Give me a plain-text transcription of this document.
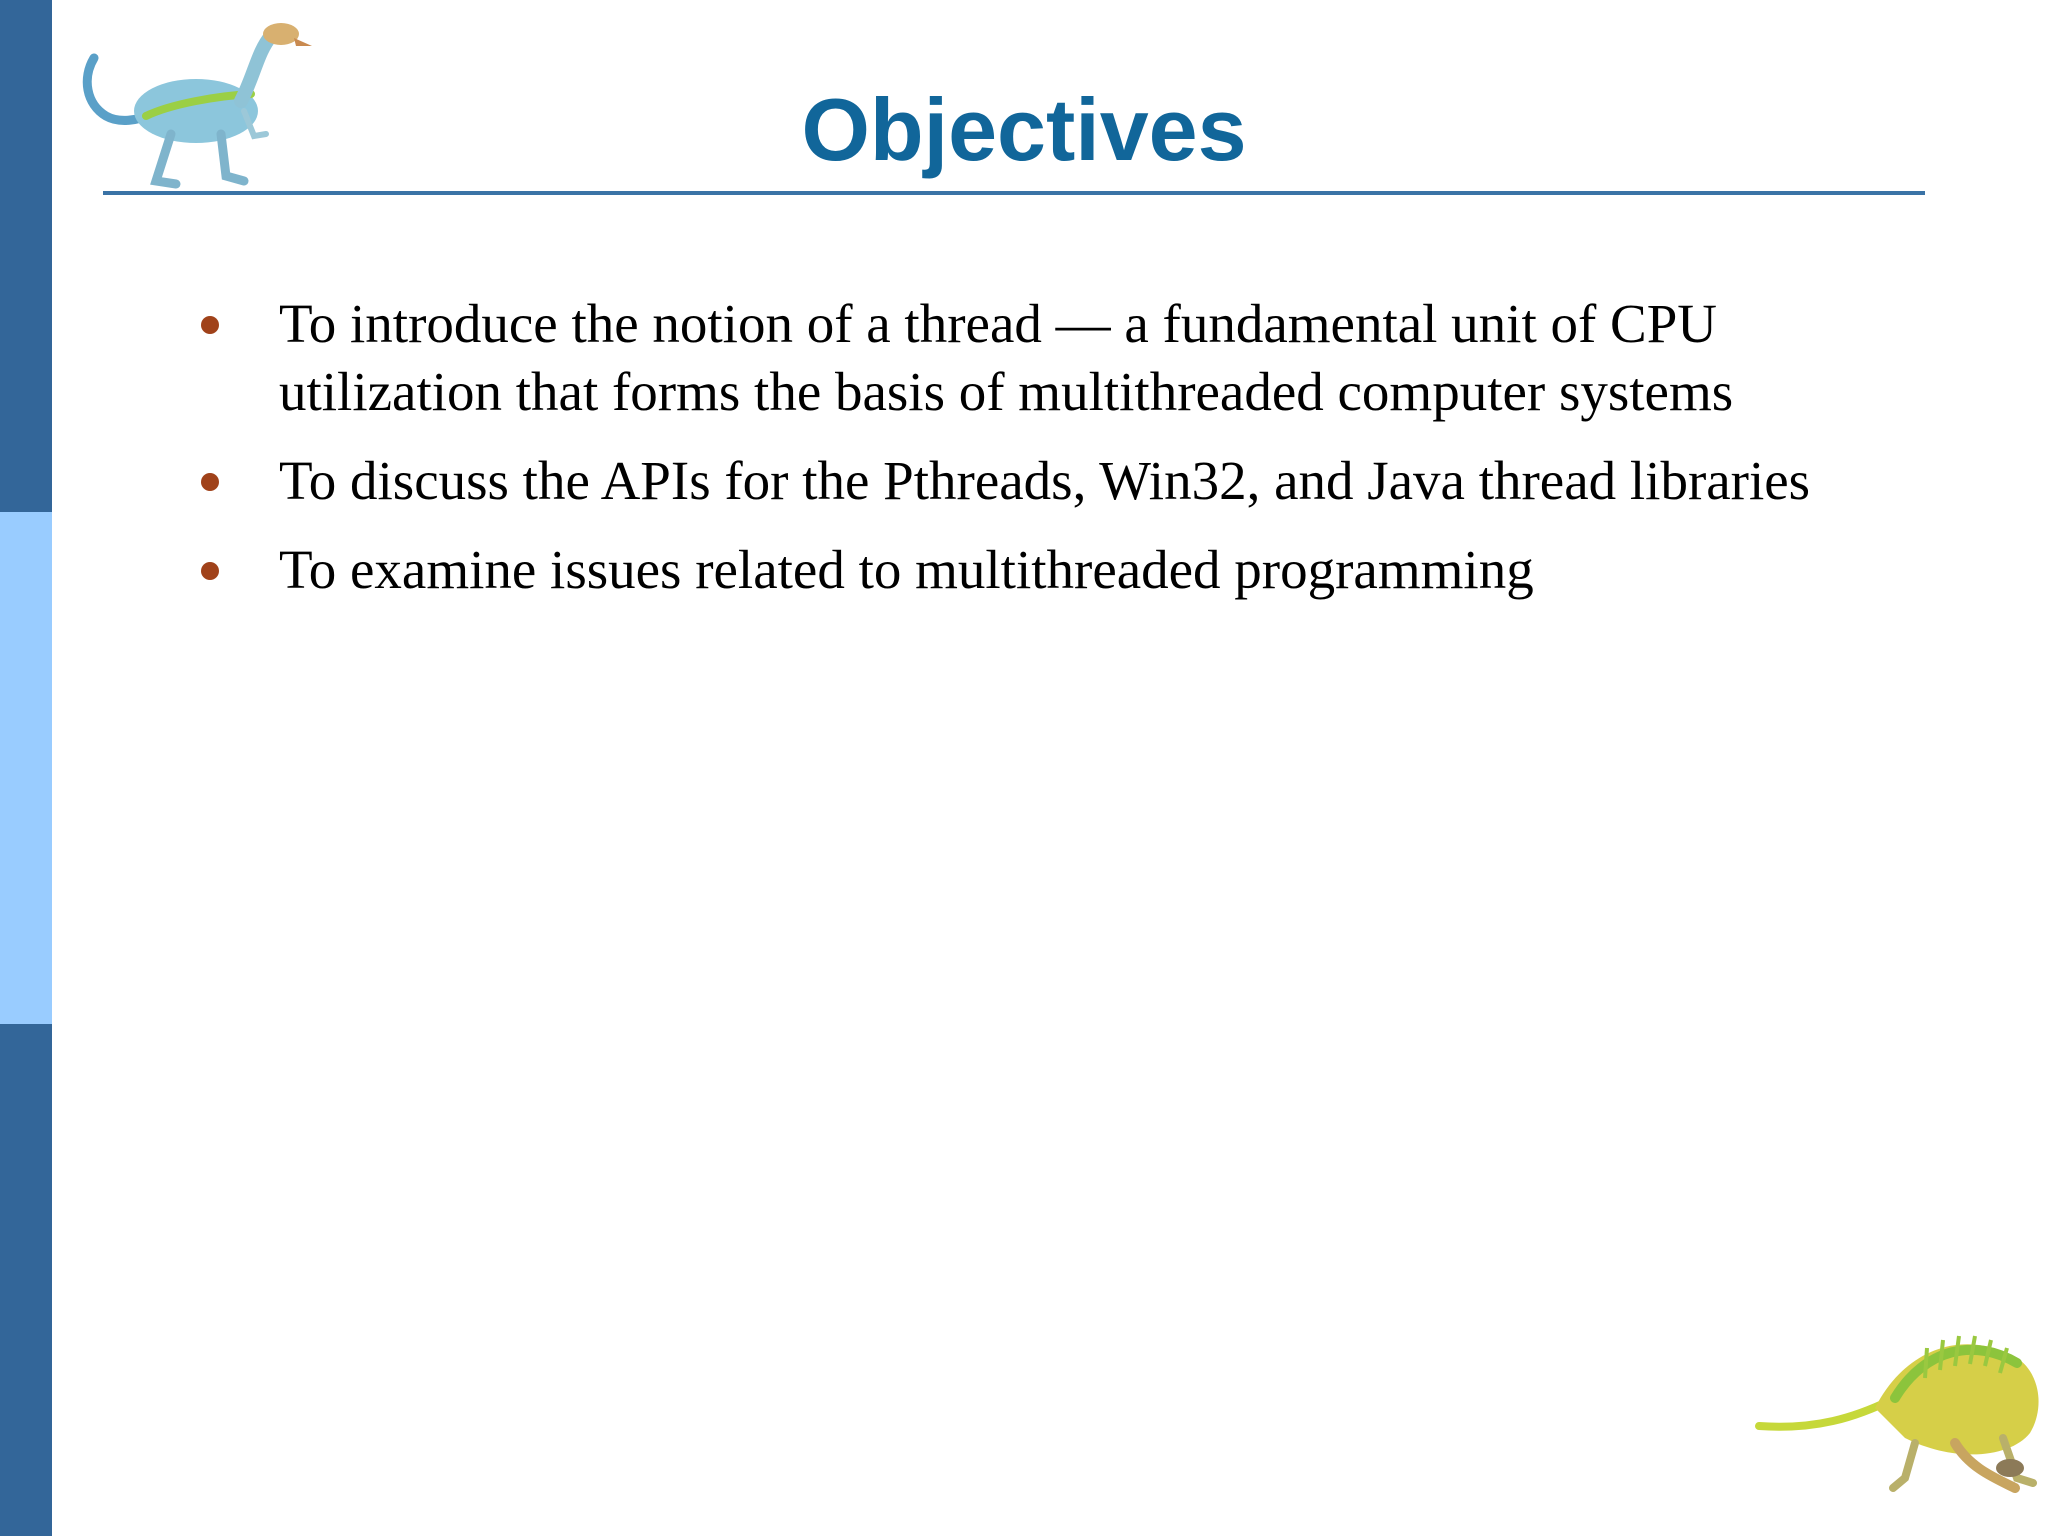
Objectives
To introduce the notion of a thread — a fundamental unit of CPU utilization that forms the basis of multithreaded computer systems
To discuss the APIs for the Pthreads, Win32, and Java thread libraries
To examine issues related to multithreaded programming
